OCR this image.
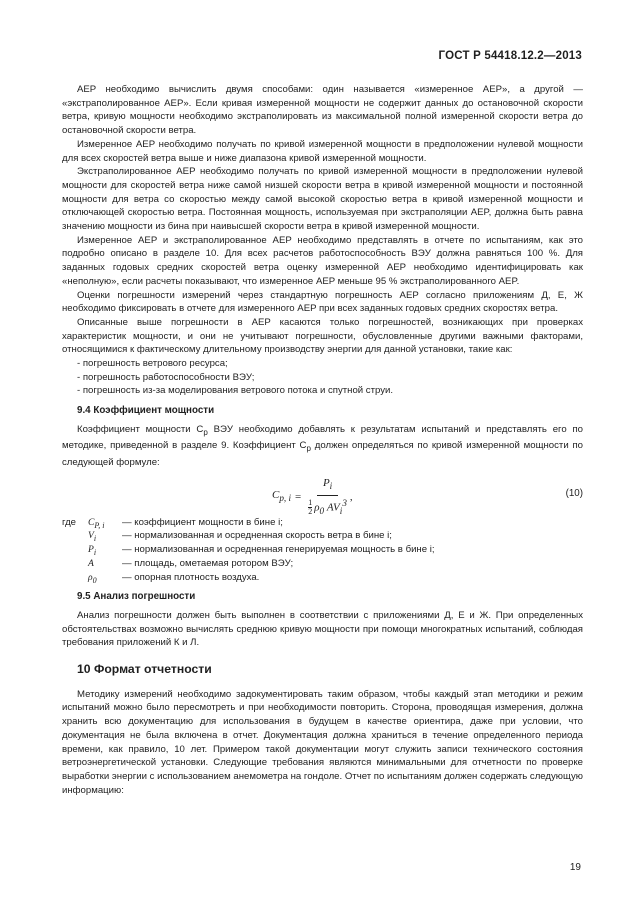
ГОСТ Р 54418.12.2—2013

AEP необходимо вычислить двумя способами: один называется «измеренное AEP», а другой — «экстраполированное AEP». Если кривая измеренной мощности не содержит данных до остановочной скорости ветра, кривую мощности необходимо экстраполировать из максимальной полной измеренной скорости ветра до остановочной скорости ветра.

Измеренное AEP необходимо получать по кривой измеренной мощности в предположении нулевой мощности для всех скоростей ветра выше и ниже диапазона кривой измеренной мощности.

Экстраполированное AEP необходимо получать по кривой измеренной мощности в предположении нулевой мощности для скоростей ветра ниже самой низшей скорости ветра в кривой измеренной мощности и постоянной мощности для ветра со скоростью между самой высокой скоростью ветра в кривой измеренной мощности и отключающей скоростью ветра. Постоянная мощность, используемая при экстраполяции AEP, должна быть равна значению мощности из бина при наивысшей скорости ветра в кривой измеренной мощности.

Измеренное AEP и экстраполированное AEP необходимо представлять в отчете по испытаниям, как это подробно описано в разделе 10. Для всех расчетов работоспособность ВЭУ должна равняться 100 %. Для заданных годовых средних скоростей ветра оценку измеренной AEP необходимо идентифицировать как «неполную», если расчеты показывают, что измеренное AEP меньше 95 % экстраполированного AEP.

Оценки погрешности измерений через стандартную погрешность AEP согласно приложениям Д, Е, Ж необходимо фиксировать в отчете для измеренного AEP при всех заданных годовых средних скоростях ветра.

Описанные выше погрешности в AEP касаются только погрешностей, возникающих при проверках характеристик мощности, и они не учитывают погрешности, обусловленные другими важными факторами, относящимися к фактическому длительному производству энергии для данной установки, такие как:

- погрешность ветрового ресурса;
- погрешность работоспособности ВЭУ;
- погрешность из-за моделирования ветрового потока и спутной струи.
9.4 Коэффициент мощности

Коэффициент мощности $C_p$ ВЭУ необходимо добавлять к результатам испытаний и представлять его по методике, приведенной в разделе 9. Коэффициент $C_p$ должен определяться по кривой измеренной мощности по следующей формуле:

$C_{p, i} = \frac{P_i}{\frac{1}{2} \rho_0 AV_i^3}$ ,	(10)
где	$C_{P, i}$	— коэффициент мощности в бине i;
$V_i$	— нормализованная и осредненная скорость ветра в бине i;
$P_i$	— нормализованная и осредненная генерируемая мощность в бине i;
A	— площадь, ометаемая ротором ВЭУ;
$\rho_0$	— опорная плотность воздуха.
9.5 Анализ погрешности

Анализ погрешности должен быть выполнен в соответствии с приложениями Д, Е и Ж. При определенных обстоятельствах возможно вычислять среднюю кривую мощности при помощи многократных испытаний, соблюдая требования приложений К и Л.

10 Формат отчетности

Методику измерений необходимо задокументировать таким образом, чтобы каждый этап методики и режим испытаний можно было пересмотреть и при необходимости повторить. Сторона, проводящая измерения, должна хранить всю документацию для использования в будущем в качестве ориентира, даже при условии, что документация не была включена в отчет. Документация должна храниться в течение определенного периода времени, как правило, 10 лет. Примером такой документации могут служить записи технического состояния ветроэнергетической установки. Следующие требования являются минимальными для отчетности по проверке выработки энергии с использованием анемометра на гондоле. Отчет по испытаниям должен содержать следующую информацию:

19
